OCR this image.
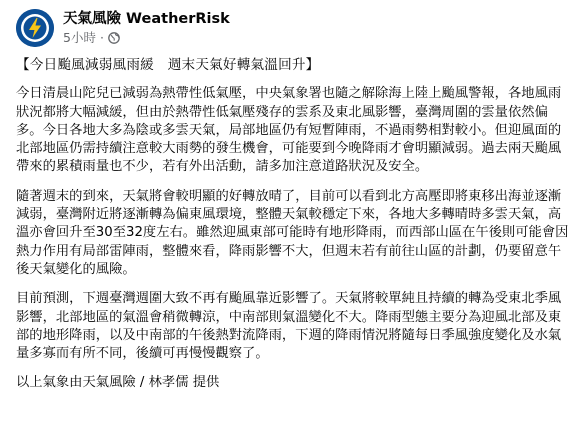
天氣風險 WeatherRisk
5小時 ·

【今日颱風減弱風雨緩　週末天氣好轉氣溫回升】

今日清晨山陀兒已減弱為熱帶性低氣壓，中央氣象署也隨之解除海上陸上颱風警報，各地風雨狀況都將大幅減緩，但由於熱帶性低氣壓殘存的雲系及東北風影響，臺灣周圍的雲量依然偏多。今日各地大多為陰或多雲天氣，局部地區仍有短暫陣雨，不過雨勢相對較小。但迎風面的北部地區仍需持續注意較大雨勢的發生機會，可能要到今晚降雨才會明顯減弱。過去兩天颱風帶來的累積雨量也不少，若有外出活動，請多加注意道路狀況及安全。

隨著週末的到來，天氣將會較明顯的好轉放晴了，目前可以看到北方高壓即將東移出海並逐漸減弱，臺灣附近將逐漸轉為偏東風環境，整體天氣較穩定下來，各地大多轉晴時多雲天氣，高溫亦會回升至30至32度左右。雖然迎風東部可能時有地形降雨，而西部山區在午後則可能會因熱力作用有局部雷陣雨，整體來看，降雨影響不大，但週末若有前往山區的計劃，仍要留意午後天氣變化的風險。

目前預測，下週臺灣週圍大致不再有颱風靠近影響了。天氣將較單純且持續的轉為受東北季風影響，北部地區的氣溫會稍微轉涼，中南部則氣溫變化不大。降雨型態主要分為迎風北部及東部的地形降雨，以及中南部的午後熱對流降雨，下週的降雨情況將隨每日季風強度變化及水氣量多寡而有所不同，後續可再慢慢觀察了。

以上氣象由天氣風險 / 林孝儒 提供
